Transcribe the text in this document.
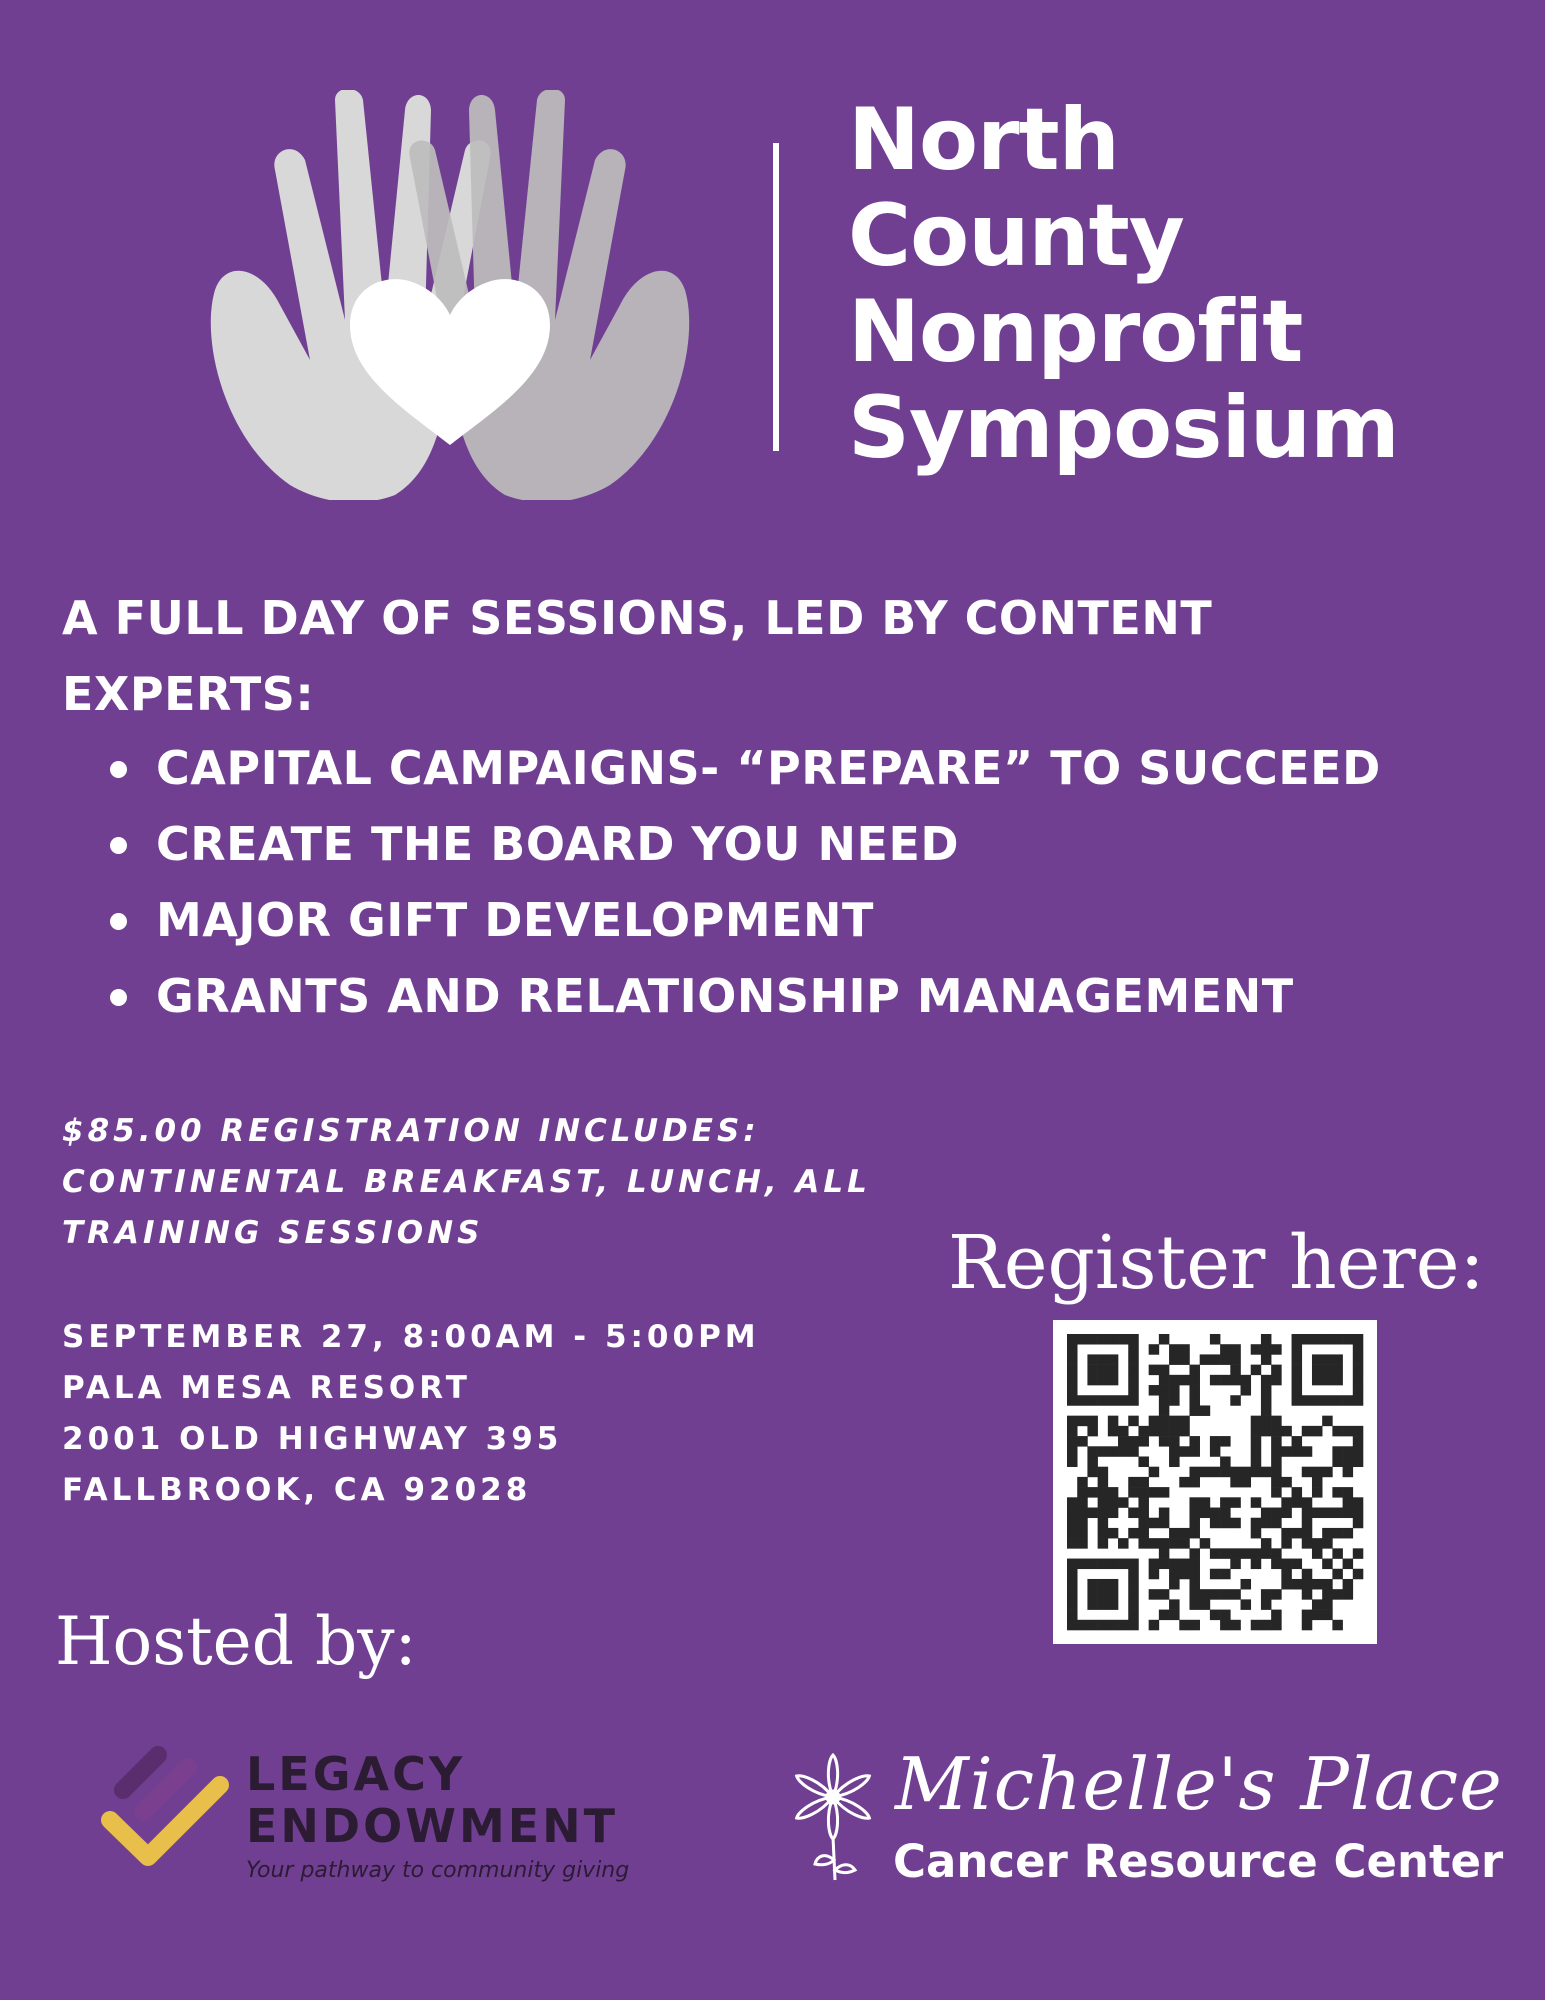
North
County
Nonprofit
Symposium
A FULL DAY OF SESSIONS, LED BY CONTENT
EXPERTS:
CAPITAL CAMPAIGNS- “PREPARE” TO SUCCEED
CREATE THE BOARD YOU NEED
MAJOR GIFT DEVELOPMENT
GRANTS AND RELATIONSHIP MANAGEMENT
$85.00 REGISTRATION INCLUDES:
CONTINENTAL BREAKFAST, LUNCH, ALL
TRAINING SESSIONS
SEPTEMBER 27, 8:00AM - 5:00PM
PALA MESA RESORT
2001 OLD HIGHWAY 395
FALLBROOK, CA 92028
Register here:
Hosted by:
LEGACY
ENDOWMENT
Your pathway to community giving
Michelle's Place
Cancer Resource Center
